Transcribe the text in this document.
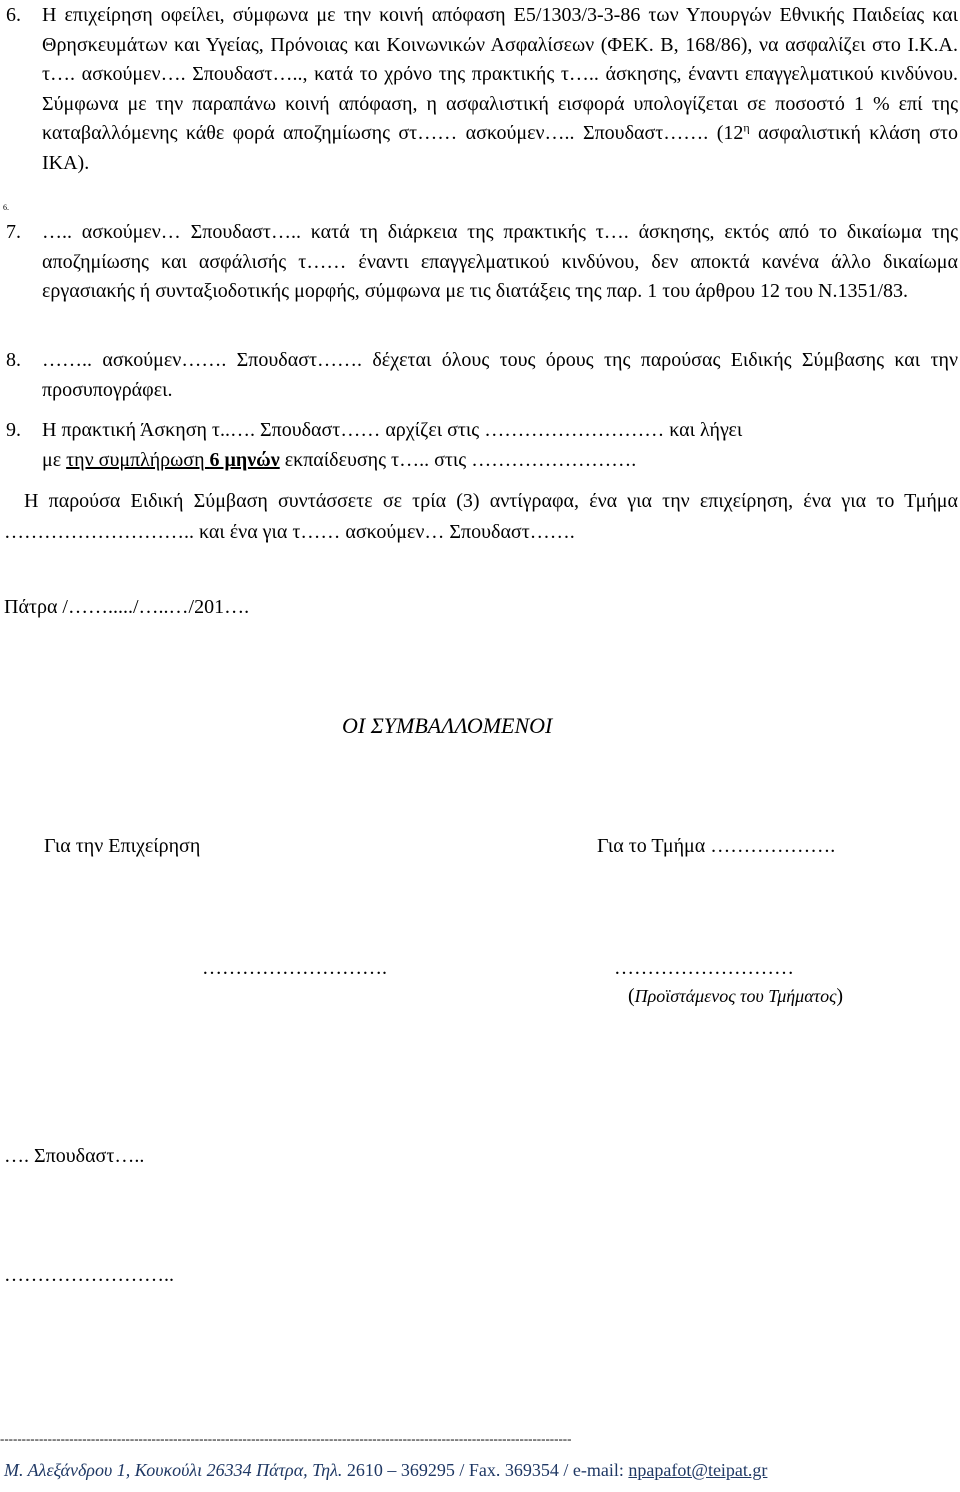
6. Η επιχείρηση οφείλει, σύμφωνα με την κοινή απόφαση Ε5/1303/3-3-86 των Υπουργών Εθνικής Παιδείας και Θρησκευμάτων και Υγείας, Πρόνοιας και Κοινωνικών Ασφαλίσεων (ΦΕΚ. Β, 168/86), να ασφαλίζει στο Ι.Κ.Α. τ…. ασκούμεν…. Σπουδαστ….., κατά το χρόνο της πρακτικής τ….. άσκησης, έναντι επαγγελματικού κινδύνου. Σύμφωνα με την παραπάνω κοινή απόφαση, η ασφαλιστική εισφορά υπολογίζεται σε ποσοστό 1 % επί της καταβαλλόμενης κάθε φορά αποζημίωσης στ…… ασκούμεν….. Σπουδαστ……. ($12^\eta$ ασφαλιστική κλάση στο ΙΚΑ).
6.
7. ….. ασκούμεν… Σπουδαστ….. κατά τη διάρκεια της πρακτικής τ…. άσκησης, εκτός από το δικαίωμα της αποζημίωσης και ασφάλισής τ…… έναντι επαγγελματικού κινδύνου, δεν αποκτά κανένα άλλο δικαίωμα εργασιακής ή συνταξιοδοτικής μορφής, σύμφωνα με τις διατάξεις της παρ. 1 του άρθρου 12 του Ν.1351/83.
8. …….. ασκούμεν……. Σπουδαστ……. δέχεται όλους τους όρους της παρούσας Ειδικής Σύμβασης και την προσυπογράφει.
9. Η πρακτική Άσκηση τ..…. Σπουδαστ…… αρχίζει στις ……………………… και λήγει
με την συμπλήρωση 6 μηνών εκπαίδευσης τ….. στις …………………….
Η παρούσα Ειδική Σύμβαση συντάσσετε σε τρία (3) αντίγραφα, ένα για την επιχείρηση, ένα για το Τμήμα ……………………….. και ένα για τ…… ασκούμεν… Σπουδαστ…….
Πάτρα /……...../…..…/201….
ΟΙ ΣΥΜΒΑΛΛΟΜΕΝΟΙ
Για την Επιχείρηση	Για το Τμήμα ……………….
……………………….	………………………
(Προϊστάμενος του Τμήματος)
…. Σπουδαστ…..
……………………..
------------------------------------------------------------------------------------------------------------------------------------
Μ. Αλεξάνδρου 1, Κουκούλι 26334 Πάτρα, Τηλ. 2610 – 369295 / Fax. 369354 / e-mail: npapafot@teipat.gr
